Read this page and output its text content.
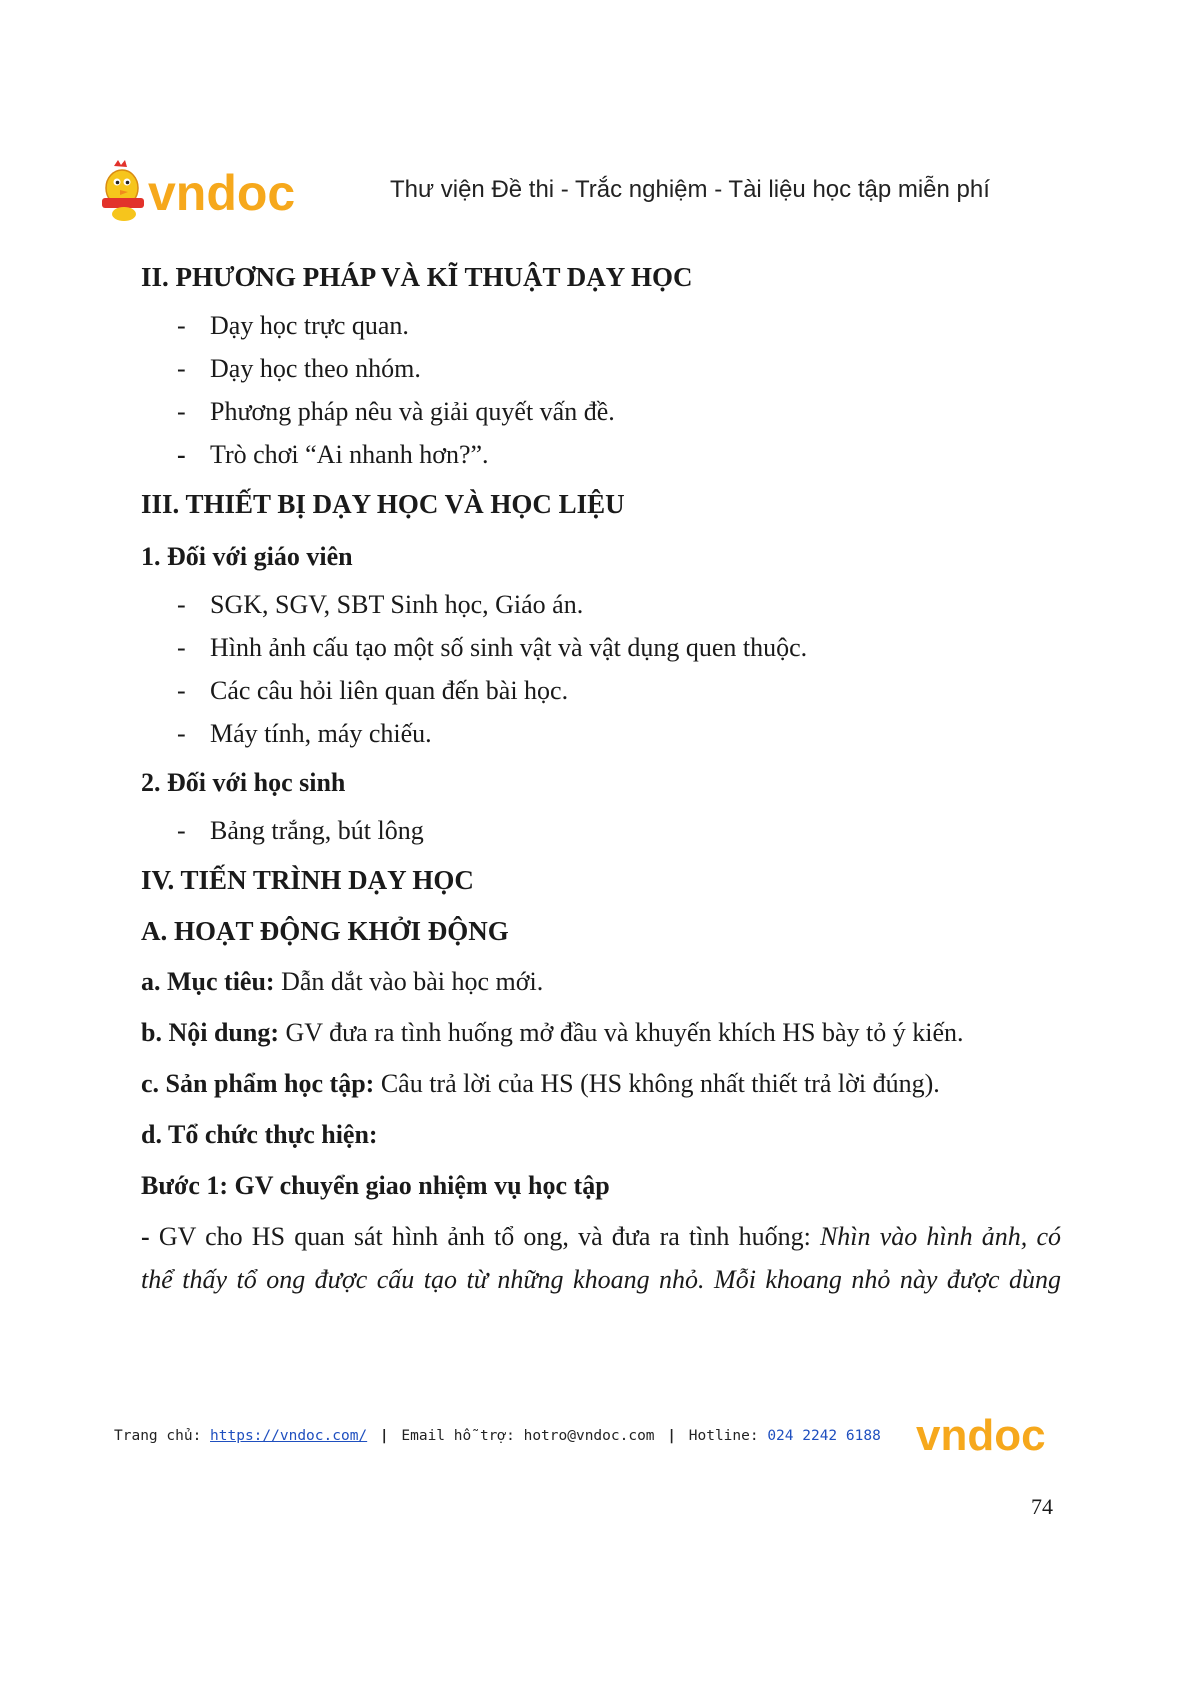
vndoc	Thư viện Đề thi - Trắc nghiệm - Tài liệu học tập miễn phí

II. PHƯƠNG PHÁP VÀ KĨ THUẬT DẠY HỌC

- Dạy học trực quan.

- Dạy học theo nhóm.

- Phương pháp nêu và giải quyết vấn đề.

- Trò chơi “Ai nhanh hơn?”.

III. THIẾT BỊ DẠY HỌC VÀ HỌC LIỆU

1. Đối với giáo viên

- SGK, SGV, SBT Sinh học, Giáo án.

- Hình ảnh cấu tạo một số sinh vật và vật dụng quen thuộc.

- Các câu hỏi liên quan đến bài học.

- Máy tính, máy chiếu.

2. Đối với học sinh

- Bảng trắng, bút lông

IV. TIẾN TRÌNH DẠY HỌC

A. HOẠT ĐỘNG KHỞI ĐỘNG

a. Mục tiêu: Dẫn dắt vào bài học mới.

b. Nội dung: GV đưa ra tình huống mở đầu và khuyến khích HS bày tỏ ý kiến.

c. Sản phẩm học tập: Câu trả lời của HS (HS không nhất thiết trả lời đúng).

d. Tổ chức thực hiện:

Bước 1: GV chuyển giao nhiệm vụ học tập

- GV cho HS quan sát hình ảnh tổ ong, và đưa ra tình huống: Nhìn vào hình ảnh, có

thể thấy tổ ong được cấu tạo từ những khoang nhỏ. Mỗi khoang nhỏ này được dùng

Trang chủ: https://vndoc.com/ | Email hỗ trợ: hotro@vndoc.com | Hotline: 024 2242 6188 vndoc
74
